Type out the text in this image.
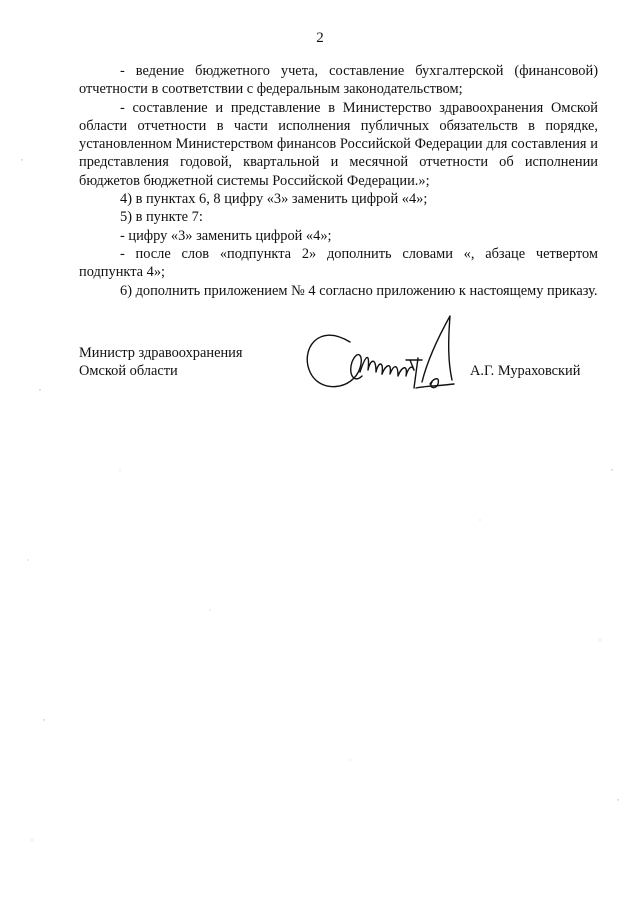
2

- ведение бюджетного учета, составление бухгалтерской (финансовой) отчетности в соответствии с федеральным законодательством;

- составление и представление в Министерство здравоохранения Омской области отчетности в части исполнения публичных обязательств в порядке, установленном Министерством финансов Российской Федерации для составления и представления годовой, квартальной и месячной отчетности об исполнении бюджетов бюджетной системы Российской Федерации.»;

4) в пунктах 6, 8 цифру «3» заменить цифрой «4»;

5) в пункте 7:

- цифру «3» заменить цифрой «4»;

- после слов «подпункта 2» дополнить словами «, абзаце четвертом подпункта 4»;

6) дополнить приложением № 4 согласно приложению к настоящему приказу.

Министр здравоохранения
Омской области	А.Г. Мураховский
